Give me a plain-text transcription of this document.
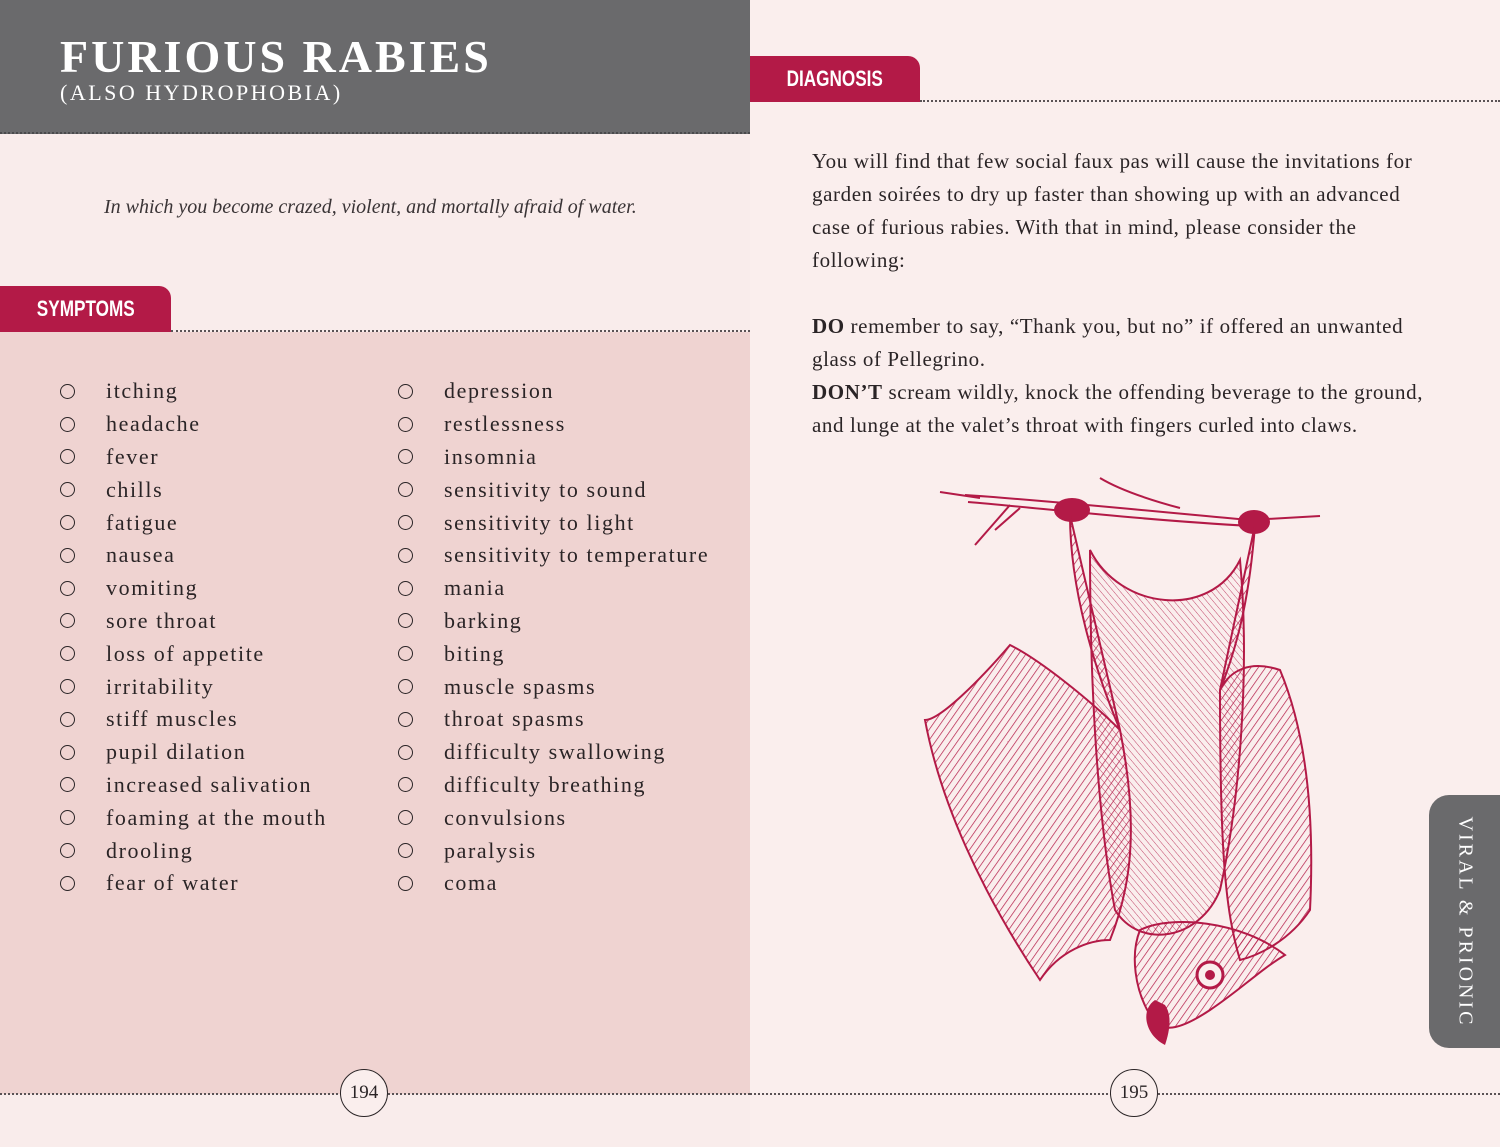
FURIOUS RABIES
(ALSO HYDROPHOBIA)
In which you become crazed, violent, and mortally afraid of water.
SYMPTOMS
itching
headache
fever
chills
fatigue
nausea
vomiting
sore throat
loss of appetite
irritability
stiff muscles
pupil dilation
increased salivation
foaming at the mouth
drooling
fear of water
depression
restlessness
insomnia
sensitivity to sound
sensitivity to light
sensitivity to temperature
mania
barking
biting
muscle spasms
throat spasms
difficulty swallowing
difficulty breathing
convulsions
paralysis
coma
DIAGNOSIS

You will find that few social faux pas will cause the invitations for garden soirées to dry up faster than showing up with an advanced case of furious rabies. With that in mind, please consider the following:

DO remember to say, “Thank you, but no” if offered an unwanted glass of Pellegrino.

DON’T scream wildly, knock the offending beverage to the ground, and lunge at the valet’s throat with fingers curled into claws.

VIRAL & PRIONIC
194	195
